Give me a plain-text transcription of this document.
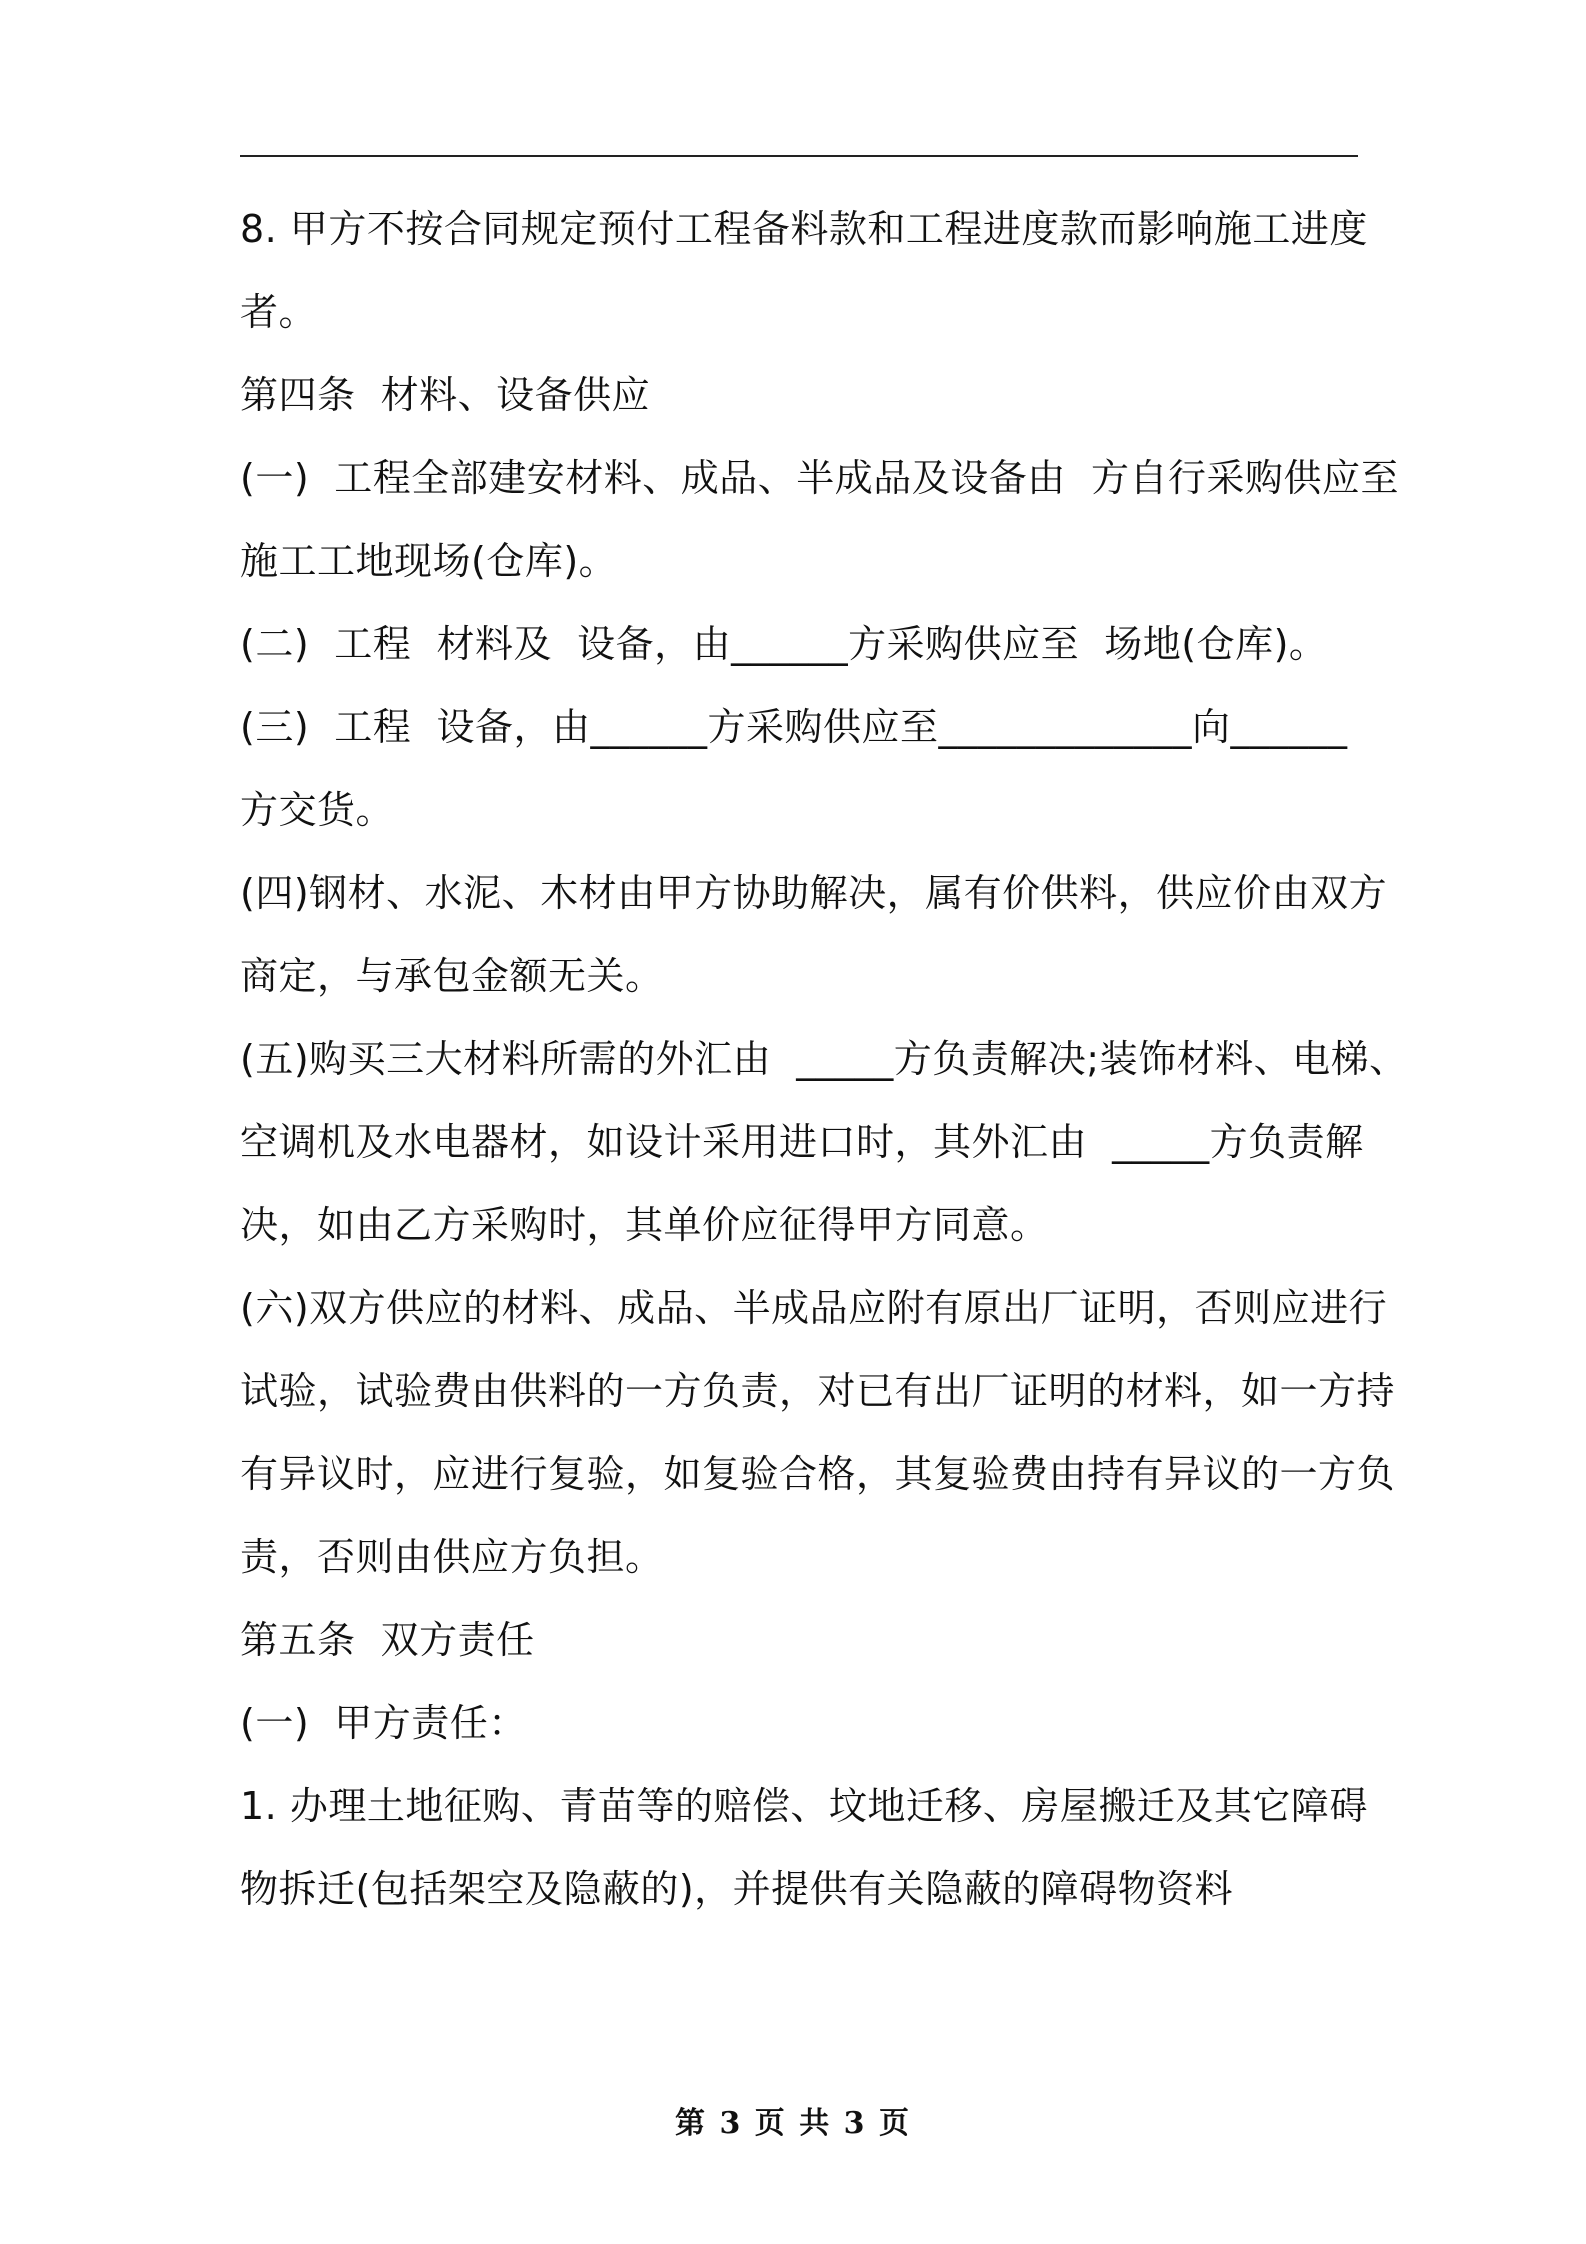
8. 甲方不按合同规定预付工程备料款和工程进度款而影响施工进度
者。
第四条  材料、设备供应
(一)  工程全部建安材料、成品、半成品及设备由  方自行采购供应至
施工工地现场(仓库)。
(二)  工程  材料及  设备，由______方采购供应至  场地(仓库)。
(三)  工程  设备，由______方采购供应至_____________向______
方交货。
(四)钢材、水泥、木材由甲方协助解决，属有价供料，供应价由双方
商定，与承包金额无关。
(五)购买三大材料所需的外汇由  _____方负责解决;装饰材料、电梯、
空调机及水电器材，如设计采用进口时，其外汇由  _____方负责解
决，如由乙方采购时，其单价应征得甲方同意。
(六)双方供应的材料、成品、半成品应附有原出厂证明，否则应进行
试验，试验费由供料的一方负责，对已有出厂证明的材料，如一方持
有异议时，应进行复验，如复验合格，其复验费由持有异议的一方负
责，否则由供应方负担。
第五条  双方责任
(一)  甲方责任：
1. 办理土地征购、青苗等的赔偿、坟地迁移、房屋搬迁及其它障碍
物拆迁(包括架空及隐蔽的)，并提供有关隐蔽的障碍物资料
第 3 页 共 3 页
